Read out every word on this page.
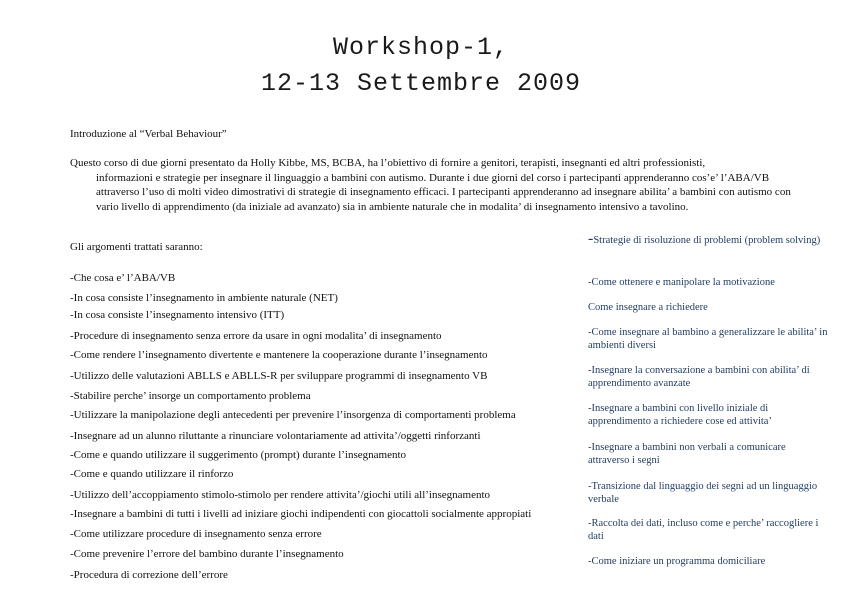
Workshop-1,
12-13 Settembre 2009
Introduzione al “Verbal Behaviour”
Questo corso di due giorni presentato da Holly Kibbe, MS, BCBA, ha l’obiettivo di fornire a genitori, terapisti, insegnanti ed altri professionisti,
informazioni e strategie per insegnare il linguaggio a bambini con autismo. Durante i due giorni del corso i partecipanti apprenderanno cos’e’ l’ABA/VB attraverso l’uso di molti video dimostrativi di strategie di insegnamento efficaci. I partecipanti apprenderanno ad insegnare abilita’ a bambini con autismo con vario livello di apprendimento (da iniziale ad avanzato) sia in ambiente naturale che in modalita’ di insegnamento intensivo a tavolino.
Gli argomenti trattati saranno:
-Che cosa e’ l’ABA/VB
-In cosa consiste l’insegnamento in ambiente naturale (NET)
-In cosa consiste l’insegnamento intensivo (ITT)
-Procedure di insegnamento senza errore da usare in ogni modalita’ di insegnamento
-Come rendere l’insegnamento divertente e mantenere la cooperazione durante l’insegnamento
-Utilizzo delle valutazioni ABLLS e ABLLS-R per sviluppare programmi di insegnamento VB
-Stabilire perche’ insorge un comportamento problema
-Utilizzare la manipolazione degli antecedenti per prevenire l’insorgenza di comportamenti problema
-Insegnare ad un alunno riluttante a rinunciare volontariamente ad attivita’/oggetti rinforzanti
-Come e quando utilizzare il suggerimento (prompt) durante l’insegnamento
-Come e quando utilizzare il rinforzo
-Utilizzo dell’accoppiamento stimolo-stimolo per rendere attivita’/giochi utili all’insegnamento
-Insegnare a bambini di tutti i livelli ad iniziare giochi indipendenti con giocattoli socialmente appropiati
-Come utilizzare procedure di insegnamento senza errore
-Come prevenire l’errore del bambino durante l’insegnamento
-Procedura di correzione dell’errore
-Strategie di risoluzione di problemi (problem solving)
-Come ottenere e manipolare la motivazione
Come insegnare a richiedere
-Come insegnare al bambino a generalizzare le abilita’ in ambienti diversi
-Insegnare la conversazione a bambini con abilita’ di apprendimento avanzate
-Insegnare a bambini con livello iniziale di apprendimento a richiedere cose ed attivita’
-Insegnare a bambini non verbali a comunicare attraverso i segni
-Transizione dal linguaggio dei segni ad un linguaggio verbale
-Raccolta dei dati, incluso come e perche’ raccogliere i dati
-Come iniziare un programma domiciliare
